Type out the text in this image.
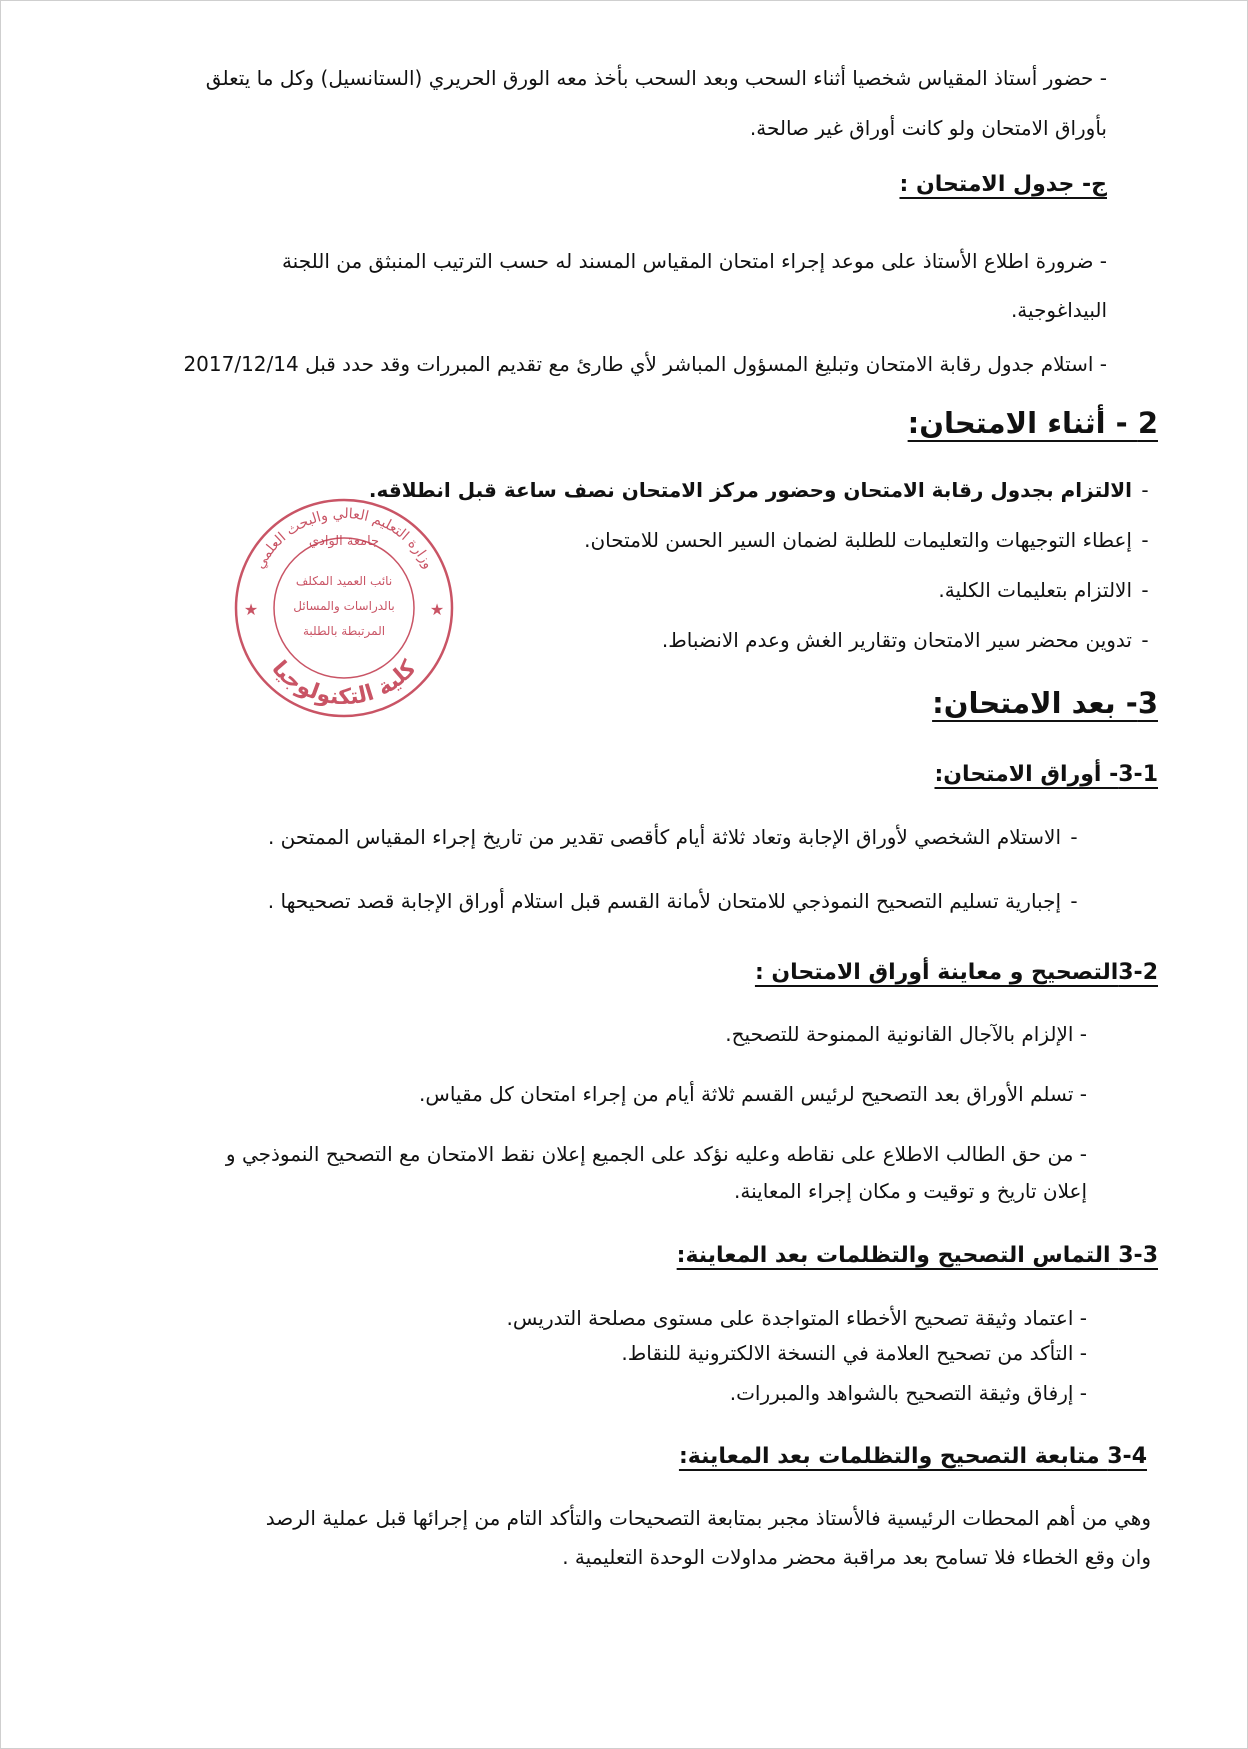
- حضور أستاذ المقياس شخصيا أثناء السحب وبعد السحب بأخذ معه الورق الحريري (الستانسيل) وكل ما يتعلق
بأوراق الامتحان ولو كانت أوراق غير صالحة.
ج- جدول الامتحان :
- ضرورة اطلاع الأستاذ على موعد إجراء امتحان المقياس المسند له حسب الترتيب المنبثق من اللجنة
البيداغوجية.
- استلام جدول رقابة الامتحان وتبليغ المسؤول المباشر لأي طارئ مع تقديم المبررات وقد حدد قبل 2017/12/14
2 - أثناء الامتحان:
-الالتزام بجدول رقابة الامتحان وحضور مركز الامتحان نصف ساعة قبل انطلاقه.
-إعطاء التوجيهات والتعليمات للطلبة لضمان السير الحسن للامتحان.
-الالتزام بتعليمات الكلية.
-تدوين محضر سير الامتحان وتقارير الغش وعدم الانضباط.
3- بعد الامتحان:
3-1- أوراق الامتحان:
-الاستلام الشخصي لأوراق الإجابة وتعاد ثلاثة أيام كأقصى تقدير من تاريخ إجراء المقياس الممتحن .
-إجبارية تسليم التصحيح النموذجي للامتحان لأمانة القسم قبل استلام أوراق الإجابة قصد تصحيحها .
3-2التصحيح و معاينة أوراق الامتحان :
- الإلزام بالآجال القانونية الممنوحة للتصحيح.
- تسلم الأوراق بعد التصحيح لرئيس القسم ثلاثة أيام من إجراء امتحان كل مقياس.
- من حق الطالب الاطلاع على نقاطه وعليه نؤكد على الجميع إعلان نقط الامتحان مع التصحيح النموذجي و
إعلان تاريخ و توقيت و مكان إجراء المعاينة.
3-3 التماس التصحيح والتظلمات بعد المعاينة:
- اعتماد وثيقة تصحيح الأخطاء المتواجدة على مستوى مصلحة التدريس.
- التأكد من تصحيح العلامة في النسخة الالكترونية للنقاط.
- إرفاق وثيقة التصحيح بالشواهد والمبررات.
3-4 متابعة التصحيح والتظلمات بعد المعاينة:
وهي من أهم المحطات الرئيسية فالأستاذ مجبر بمتابعة التصحيحات والتأكد التام من إجرائها قبل عملية الرصد
وان وقع الخطاء فلا تسامح بعد مراقبة محضر مداولات الوحدة التعليمية .
وزارة التعليم العالي والبحث العلمي
كلية التكنولوجيا
جامعة الوادي
نائب العميد المكلف
بالدراسات والمسائل
المرتبطة بالطلبة
★	★
